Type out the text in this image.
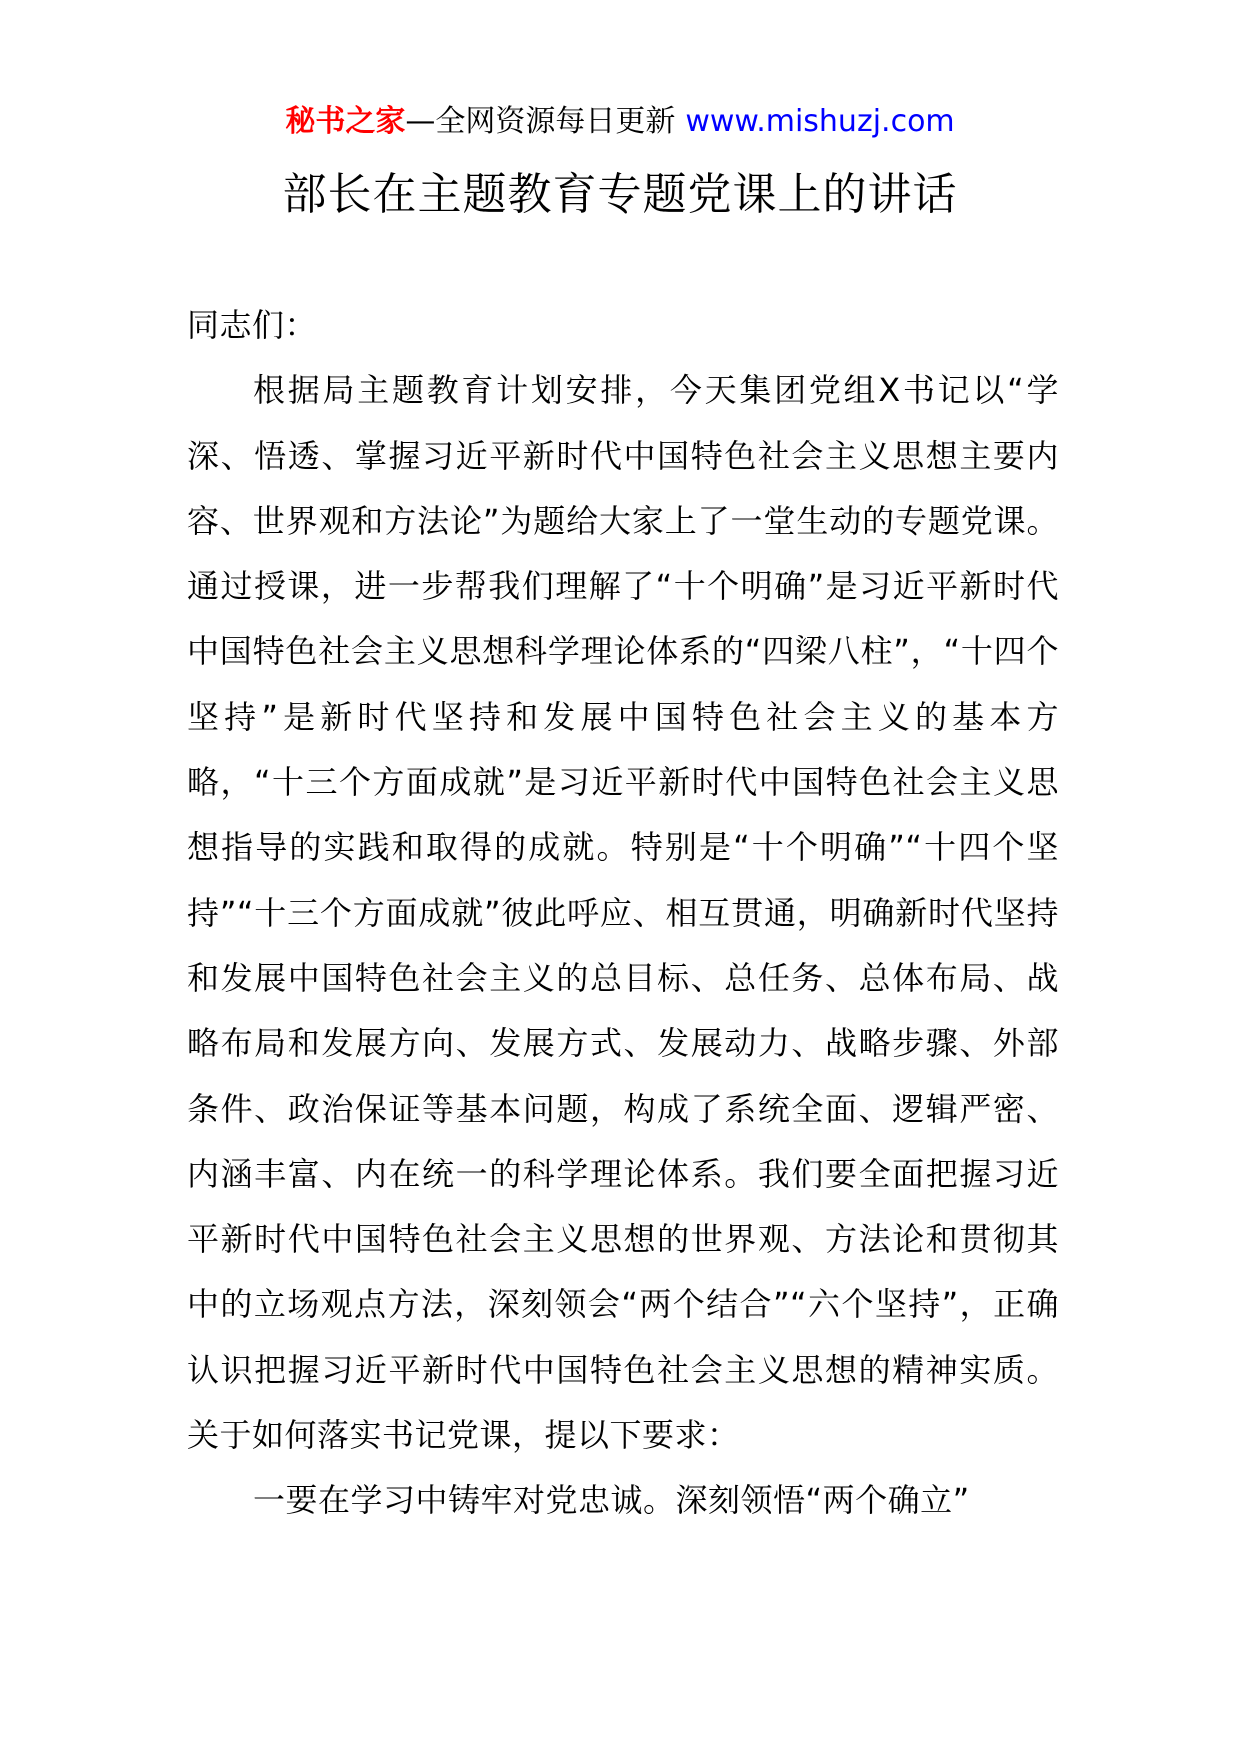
秘书之家—全网资源每日更新 www.mishuzj.com
部长在主题教育专题党课上的讲话

同志们：

根据局主题教育计划安排，今天集团党组X书记以“学深、悟透、掌握习近平新时代中国特色社会主义思想主要内容、世界观和方法论”为题给大家上了一堂生动的专题党课。通过授课，进一步帮我们理解了“十个明确”是习近平新时代中国特色社会主义思想科学理论体系的“四梁八柱”，“十四个坚持”是新时代坚持和发展中国特色社会主义的基本方略，“十三个方面成就”是习近平新时代中国特色社会主义思想指导的实践和取得的成就。特别是“十个明确”“十四个坚持”“十三个方面成就”彼此呼应、相互贯通，明确新时代坚持和发展中国特色社会主义的总目标、总任务、总体布局、战略布局和发展方向、发展方式、发展动力、战略步骤、外部条件、政治保证等基本问题，构成了系统全面、逻辑严密、内涵丰富、内在统一的科学理论体系。我们要全面把握习近平新时代中国特色社会主义思想的世界观、方法论和贯彻其中的立场观点方法，深刻领会“两个结合”“六个坚持”，正确认识把握习近平新时代中国特色社会主义思想的精神实质。关于如何落实书记党课，提以下要求：

一要在学习中铸牢对党忠诚。深刻领悟“两个确立”
